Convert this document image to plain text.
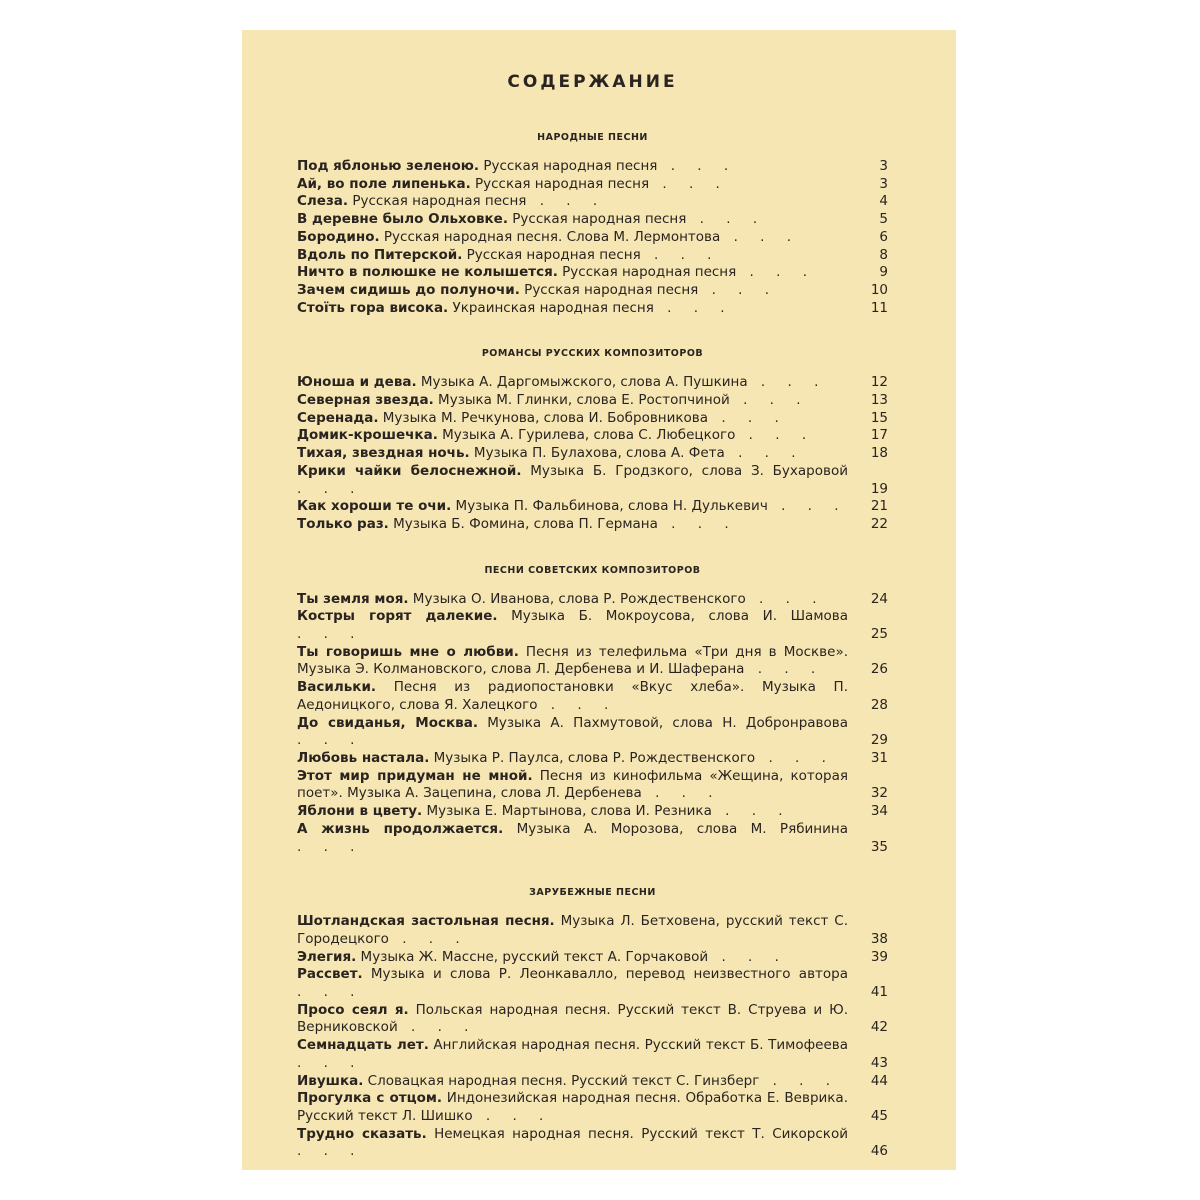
СОДЕРЖАНИЕ
НАРОДНЫЕ ПЕСНИ
Под яблонью зеленою. Русская народная песня . . .	3
Ай, во поле липенька. Русская народная песня . . .	3
Слеза. Русская народная песня . . .	4
В деревне было Ольховке. Русская народная песня . . .	5
Бородино. Русская народная песня. Слова М. Лермонтова . . .	6
Вдоль по Питерской. Русская народная песня . . .	8
Ничто в полюшке не колышется. Русская народная песня . . .	9
Зачем сидишь до полуночи. Русская народная песня . . .	10
Стоїть гора висока. Украинская народная песня . . .	11
РОМАНСЫ РУССКИХ КОМПОЗИТОРОВ
Юноша и дева. Музыка А. Даргомыжского, слова А. Пушкина . . .	12
Северная звезда. Музыка М. Глинки, слова Е. Ростопчиной . . .	13
Серенада. Музыка М. Речкунова, слова И. Бобровникова . . .	15
Домик-крошечка. Музыка А. Гурилева, слова С. Любецкого . . .	17
Тихая, звездная ночь. Музыка П. Булахова, слова А. Фета . . .	18
Крики чайки белоснежной. Музыка Б. Гродзкого, слова З. Бухаровой . . .	19
Как хороши те очи. Музыка П. Фальбинова, слова Н. Дулькевич . . .	21
Только раз. Музыка Б. Фомина, слова П. Германа . . .	22
ПЕСНИ СОВЕТСКИХ КОМПОЗИТОРОВ
Ты земля моя. Музыка О. Иванова, слова Р. Рождественского . . .	24
Костры горят далекие. Музыка Б. Мокроусова, слова И. Шамова . . .	25
Ты говоришь мне о любви. Песня из телефильма «Три дня в Москве». Музыка Э. Колмановского, слова Л. Дербенева и И. Шаферана . . .	26
Васильки. Песня из радиопостановки «Вкус хлеба». Музыка П. Аедоницкого, слова Я. Халецкого . . .	28
До свиданья, Москва. Музыка А. Пахмутовой, слова Н. Добронравова . . .	29
Любовь настала. Музыка Р. Паулса, слова Р. Рождественского . . .	31
Этот мир придуман не мной. Песня из кинофильма «Жещина, которая поет». Музыка А. Зацепина, слова Л. Дербенева . . .	32
Яблони в цвету. Музыка Е. Мартынова, слова И. Резника . . .	34
А жизнь продолжается. Музыка А. Морозова, слова М. Рябинина . . .	35
ЗАРУБЕЖНЫЕ ПЕСНИ
Шотландская застольная песня. Музыка Л. Бетховена, русский текст С. Городецкого . . .	38
Элегия. Музыка Ж. Массне, русский текст А. Горчаковой . . .	39
Рассвет. Музыка и слова Р. Леонкавалло, перевод неизвестного автора . . .	41
Просо сеял я. Польская народная песня. Русский текст В. Струева и Ю. Верниковской . . .	42
Семнадцать лет. Английская народная песня. Русский текст Б. Тимофеева . . .	43
Ивушка. Словацкая народная песня. Русский текст С. Гинзберг . . .	44
Прогулка с отцом. Индонезийская народная песня. Обработка Е. Веврика. Русский текст Л. Шишко . . .	45
Трудно сказать. Немецкая народная песня. Русский текст Т. Сикорской . . .	46
